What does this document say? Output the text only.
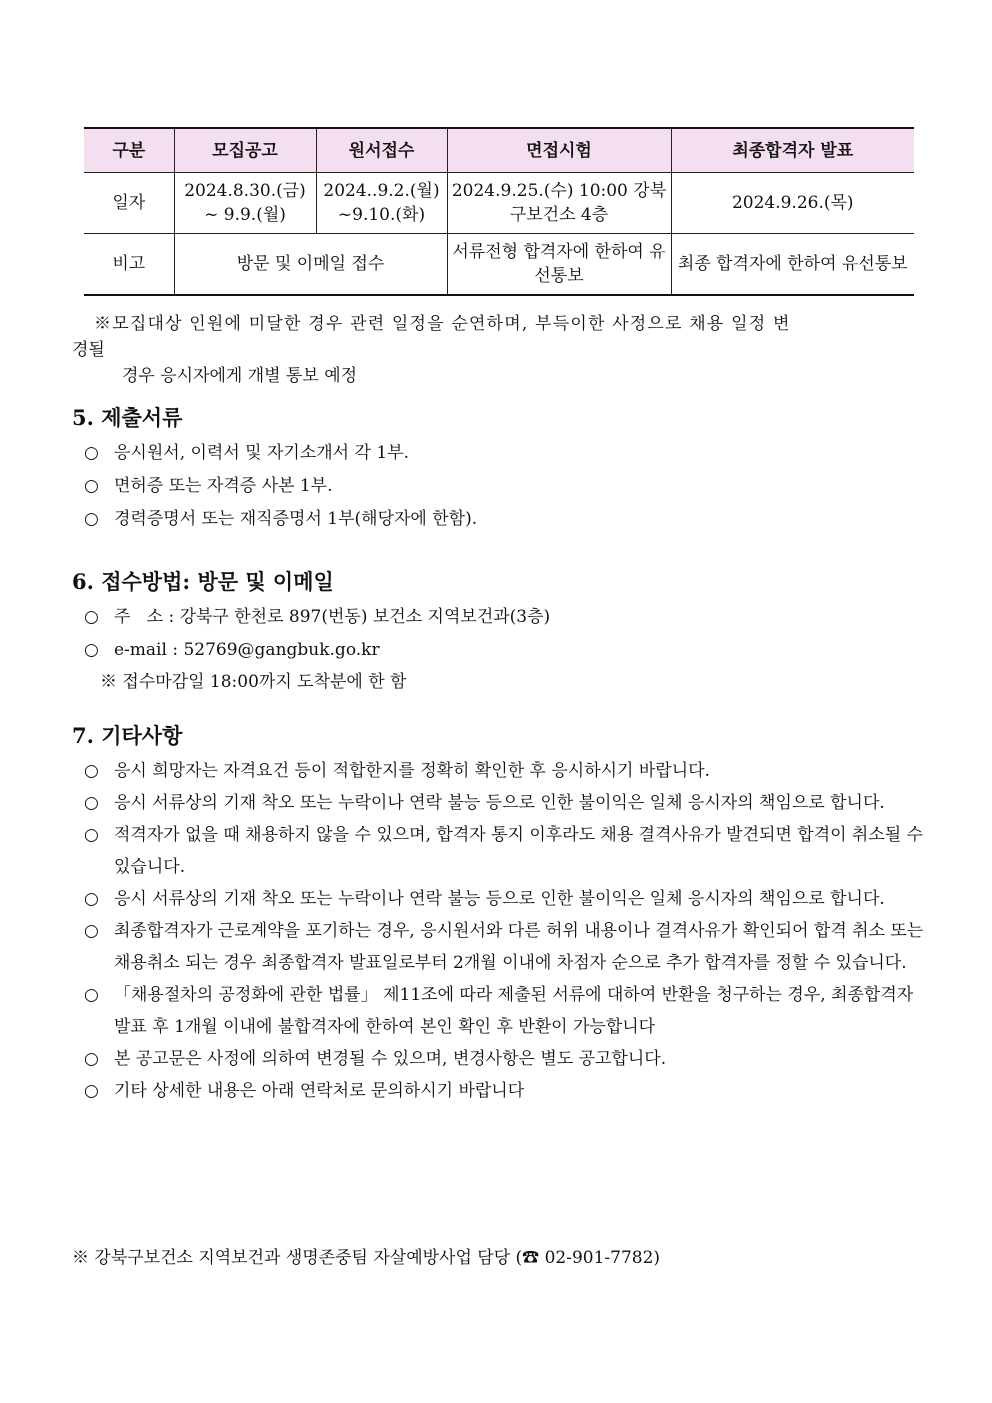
구분	모집공고	원서접수	면접시험	최종합격자 발표
일자	2024.8.30.(금) ~ 9.9.(월)	2024..9.2.(월) ~9.10.(화)	2024.9.25.(수) 10:00 강북구보건소 4층	2024.9.26.(목)
비고	방문 및 이메일 접수		서류전형 합격자에 한하여 유선통보	최종 합격자에 한하여 유선통보
※모집대상 인원에 미달한 경우 관련 일정을 순연하며, 부득이한 사정으로 채용 일정 변
경될
경우 응시자에게 개별 통보 예정
5. 제출서류
○ 응시원서, 이력서 및 자기소개서 각 1부.
○ 면허증 또는 자격증 사본 1부.
○ 경력증명서 또는 재직증명서 1부(해당자에 한함).
6. 접수방법: 방문 및 이메일
○ 주   소 : 강북구 한천로 897(번동) 보건소 지역보건과(3층)
○ e-mail : 52769@gangbuk.go.kr
※ 접수마감일 18:00까지 도착분에 한 함
7. 기타사항
○ 응시 희망자는 자격요건 등이 적합한지를 정확히 확인한 후 응시하시기 바랍니다.
○ 응시 서류상의 기재 착오 또는 누락이나 연락 불능 등으로 인한 불이익은 일체 응시자의 책임으로 합니다.
○ 적격자가 없을 때 채용하지 않을 수 있으며, 합격자 통지 이후라도 채용 결격사유가 발견되면 합격이 취소될 수 있습니다.
○ 응시 서류상의 기재 착오 또는 누락이나 연락 불능 등으로 인한 불이익은 일체 응시자의 책임으로 합니다.
○ 최종합격자가 근로계약을 포기하는 경우, 응시원서와 다른 허위 내용이나 결격사유가 확인되어 합격 취소 또는 채용취소 되는 경우 최종합격자 발표일로부터 2개월 이내에 차점자 순으로 추가 합격자를 정할 수 있습니다.
○ 「채용절차의 공정화에 관한 법률」 제11조에 따라 제출된 서류에 대하여 반환을 청구하는 경우, 최종합격자 발표 후 1개월 이내에 불합격자에 한하여 본인 확인 후 반환이 가능합니다
○ 본 공고문은 사정에 의하여 변경될 수 있으며, 변경사항은 별도 공고합니다.
○ 기타 상세한 내용은 아래 연락처로 문의하시기 바랍니다
※ 강북구보건소 지역보건과 생명존중팀 자살예방사업 담당 (☎ 02-901-7782)
